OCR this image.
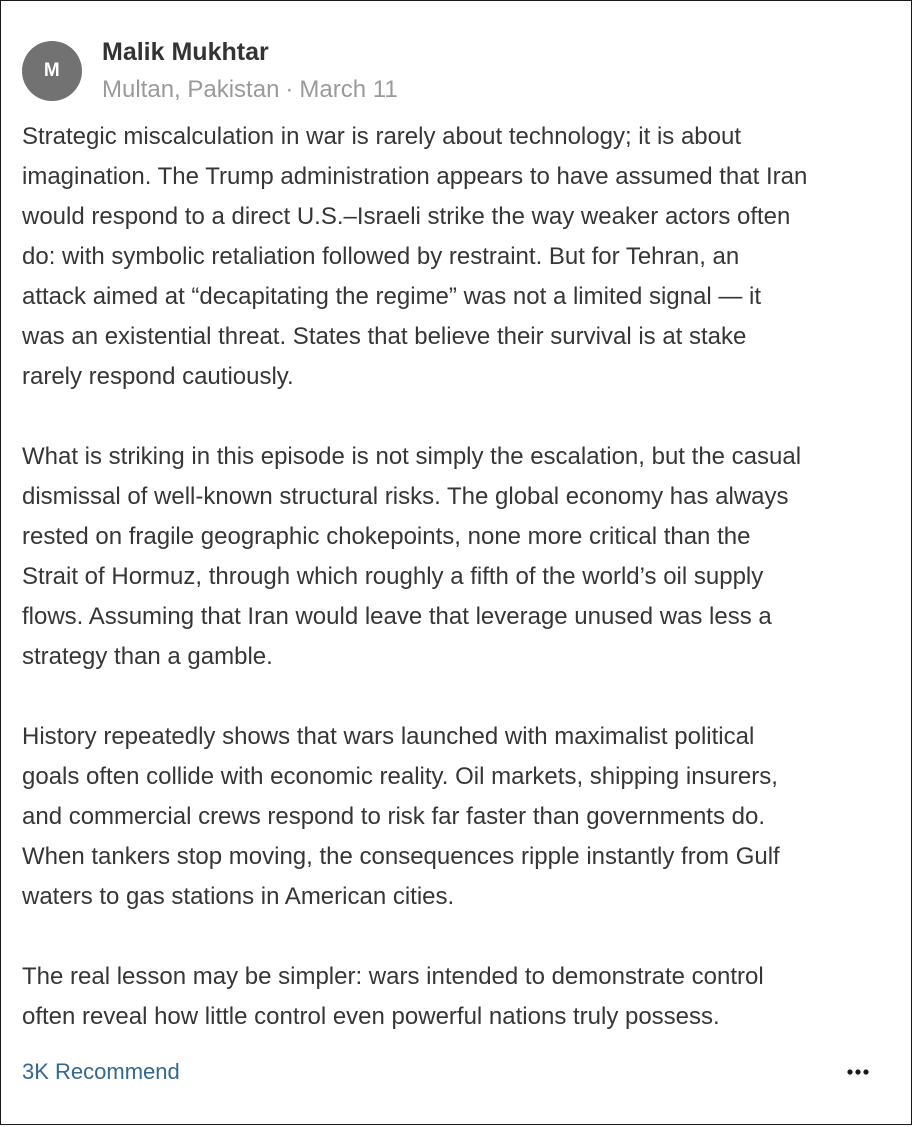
M
Malik Mukhtar
Multan, Pakistan · March 11

Strategic miscalculation in war is rarely about technology; it is about
imagination. The Trump administration appears to have assumed that Iran
would respond to a direct U.S.–Israeli strike the way weaker actors often
do: with symbolic retaliation followed by restraint. But for Tehran, an
attack aimed at “decapitating the regime” was not a limited signal — it
was an existential threat. States that believe their survival is at stake
rarely respond cautiously.

What is striking in this episode is not simply the escalation, but the casual
dismissal of well-known structural risks. The global economy has always
rested on fragile geographic chokepoints, none more critical than the
Strait of Hormuz, through which roughly a fifth of the world’s oil supply
flows. Assuming that Iran would leave that leverage unused was less a
strategy than a gamble.

History repeatedly shows that wars launched with maximalist political
goals often collide with economic reality. Oil markets, shipping insurers,
and commercial crews respond to risk far faster than governments do.
When tankers stop moving, the consequences ripple instantly from Gulf
waters to gas stations in American cities.

The real lesson may be simpler: wars intended to demonstrate control
often reveal how little control even powerful nations truly possess.

3K Recommend
